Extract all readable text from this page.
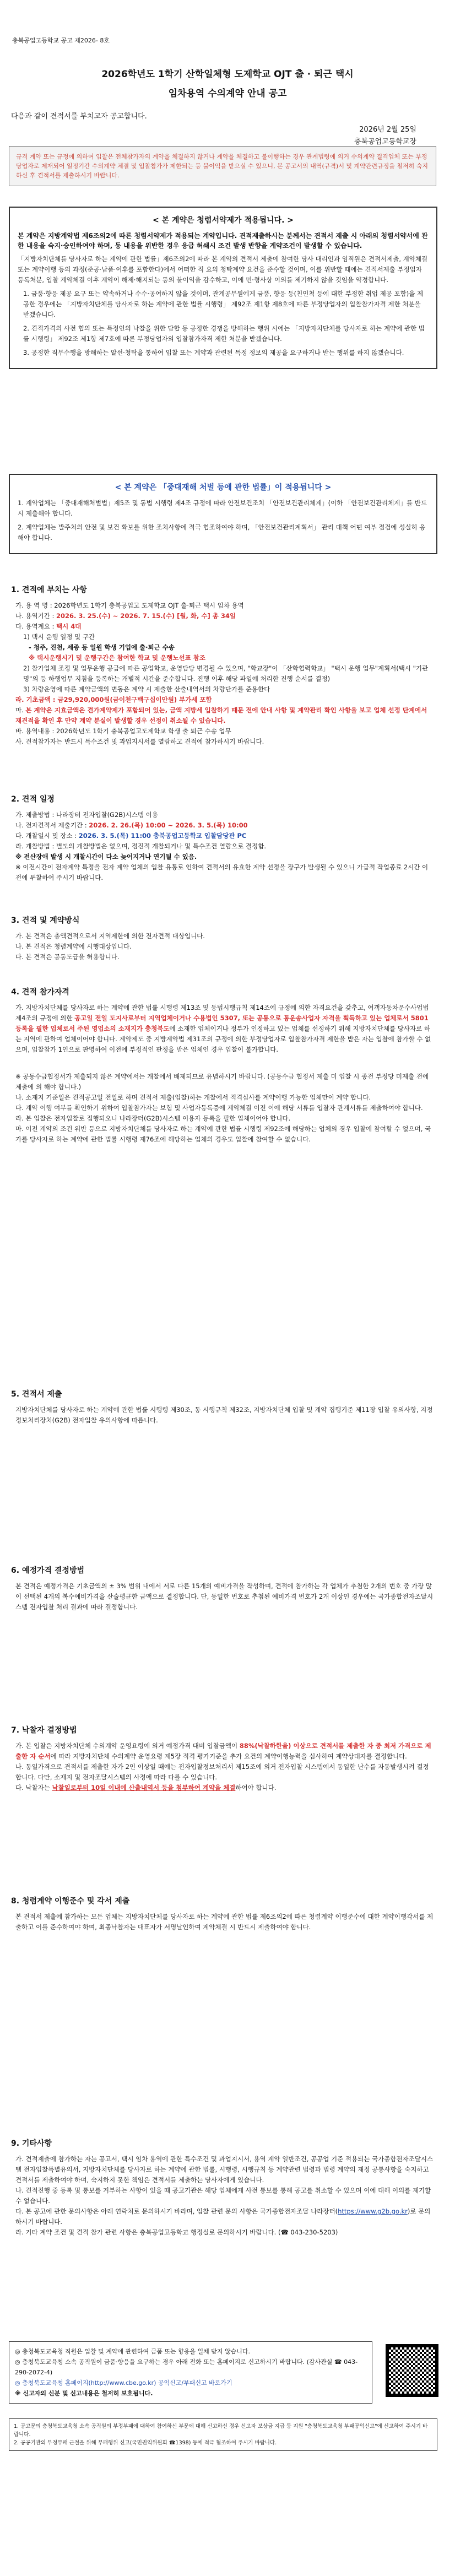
충북공업고등학교 공고 제2026- 8호
2026학년도 1학기 산학일체형 도제학교 OJT 출 · 퇴근 택시
임차용역 수의계약 안내 공고
다음과 같이 견적서를 부치고자 공고합니다.
2026년 2월 25일
충북공업고등학교장
규격 계약 또는 규정에 의하여 입찰은 전체참가자의 계약을 체결하지 않거나 계약을 체결하고 불이행하는 경우 관계법령에 의거 수의계약 결격업체 또는 부정당업자로 제재되어 일정기간 수의계약 체결 및 입찰참가가 제한되는 등 불이익을 받으실 수 있으니, 본 공고서의 내역(규격)서 및 계약관련규정을 철저히 숙지하신 후 견적서를 제출하시기 바랍니다.
< 본 계약은 청렴서약제가 적용됩니다. >
본 계약은 지방계약법 제6조의2에 따른 청렴서약제가 적용되는 계약입니다. 견적제출하시는 분께서는 견적서 제출 시 아래의 청렴서약서에 관한 내용을 숙지·승인하여야 하며, 동 내용을 위반한 경우 응급 허쇄시 조건 발생 반향을 게약조건이 발생할 수 있습니다.
「지방자치단체를 당사자로 하는 계약에 관한 법률」제6조의2에 따라 본 계약의 견적서 제출에 참여한 당사 대리인과 임직원은 견적서제출, 계약체결 또는 계약이행 등의 과정(준공·납품·이후를 포함한다)에서 어떠한 직 요의 청탁계약 요건을 준수할 것이며, 이를 위반할 때에는 견적서제출 부정업자 등록처분, 입찰 계약체결 이후 계약이 해제·해지되는 등의 불이익을 감수하고, 이에 민·형사상 이의를 제기하지 않을 것임을 약정합니다.
1. 금품·향응 제공 요구 또는 약속하거나 수수·공여하지 않을 것이며, 관계공무원에게 금품, 향응 등(친인척 등에 대한 부정한 취업 제공 포함)을 제공한 경우에는 「지방자치단체를 당사자로 하는 계약에 관한 법률 시행령」 제92조 제1항 제8호에 따른 부정당업자의 입찰참가자격 제한 처분을 받겠습니다.
2. 견적가격의 사전 협의 또는 특정인의 낙찰을 위한 담합 등 공정한 경쟁을 방해하는 행위 시에는 「지방자치단체를 당사자로 하는 계약에 관한 법률 시행령」 제92조 제1항 제7호에 따른 부정당업자의 입찰참가자격 제한 처분을 받겠습니다.
3. 공정한 직무수행을 방해하는 알선·청탁을 통하여 입찰 또는 계약과 관련된 특정 정보의 제공을 요구하거나 받는 행위를 하지 않겠습니다.
< 본 계약은 「중대재해 처벌 등에 관한 법률」이 적용됩니다 >
1. 계약업체는 「중대재해처벌법」제5조 및 동법 시행령 제4조 규정에 따라 안전보건조치 「안전보건관리체계」(이하 「안전보건관리체계」를 반드시 제출해야 합니다.
2. 계약업체는 발주처의 안전 및 보건 확보를 위한 조치사항에 적극 협조하여야 하며, 「안전보건관리계획서」 관리 대책 어떤 여부 점검에 성실히 응해야 합니다.
1. 견적에 부치는 사항
가. 용 역 명 : 2026학년도 1학기 충북공업고 도제학교 OJT 출·퇴근 택시 임차 용역
나. 용역기간 : 2026. 3. 25.(수) ~ 2026. 7. 15.(수) [월, 화, 수] 총 34일
다. 용역계요 : 택시 4대
1) 택시 운행 일정 및 구간
- 청주, 진천, 세종 등 일원 학생 기업에 출·퇴근 수송
※ 택시운행시기 및 운행구간은 참여한 학교 및 운행노선표 참조
2) 참가업체 조정 및 업무운행 공급에 따른 공업학교, 운영담당 변경될 수 있으며, "학교장"이 「산학협력학교」 "택시 운행 업무"계획서(택시 "기관명"의 등 하행업무 지침을 등록하는 개별적 시간을 준수합니다. 진행 이후 해당 파일에 처리한 진행 순서를 결정)
3) 차량운영에 따른 계약금액의 변동은 계약 시 제출한 산출내역서의 차량단가를 준용한다
라. 기초금액 : 금29,920,000원(금이천구백구십이만원) 부가세 포함
마. 본 계약은 지효금액은 견가계약제가 포함되어 있는, 금액 지방세 입찰하기 때문 전에 안내 사항 및 계약관리 확인 사항을 보고 업체 선정 단계에서 재견적을 확인 후 만약 계약 분실이 발생할 경우 선정이 취소될 수 있습니다.
바. 용역내용 : 2026학년도 1학기 충북공업고도제학교 학생 출 퇴근 수송 업무
사. 견적참가자는 반드시 특수조건 및 과업지시서를 열람하고 견적에 참가하시기 바랍니다.
2. 견적 일정
가. 제출방법 : 나라장터 전자입찰(G2B)시스템 이용
나. 전자견적서 제출기간 : 2026. 2. 26.(목) 10:00 ~ 2026. 3. 5.(목) 10:00
다. 개찰일시 및 장소 : 2026. 3. 5.(목) 11:00 충북공업고등학교 입찰담당관 PC
라. 개찰방법 : 별도의 개찰방법은 없으며, 점진적 개찰되거나 및 특수조건 열람으로 결정함.
※ 전산장애 발생 시 개찰시간이 다소 늦어지거나 연기될 수 있음.
※ 이전시간이 전자계약 특정을 전자 계약 업체의 입찰 유통로 인하여 견적서의 유효한 계약 선정을 장구가 발생될 수 있으니 가급적 작업종료 2시간 이전에 투찰하여 주시기 바랍니다.
3. 견적 및 계약방식
가. 본 견적은 총액견적으로서 지역제한에 의한 전자견적 대상입니다.
나. 본 견적은 청렴계약에 시행대상입니다.
다. 본 견적은 공동도급을 허용합니다.
4. 견적 참가자격
가. 지방자치단체를 당사자로 하는 계약에 관한 법률 시행령 제13조 및 동법시행규칙 제14조에 규정에 의한 자격요건을 갖추고, 여객자동차운수사업법 제4조의 규정에 의한 공고일 전일 도지사로부터 지역업체이거나 수용법인 5307, 또는 공통으로 통운송사업자 자격을 획득하고 있는 업체로서 5801 등록을 필한 업체로서 주된 영업소의 소재지가 충청북도에 소재한 업체이거나 정부가 인정하고 있는 업체를 선정하기 위해 지방자치단체를 당사자로 하는 지역에 관하여 업체이어야 합니다. 계약제도 중 지방계약법 제31조의 규정에 의한 부정당업자로 입찰참가자격 제한을 받은 자는 입찰에 참가할 수 없으며, 입찰참가 1인으로 판명하여 이전에 부정적인 판정을 받은 업체인 경우 입찰이 불가합니다.
※ 공동수급협정서가 제출되지 않은 계약에서는 개찰에서 배제되므로 유념하시기 바랍니다. (공동수급 협정서 제출 미 입찰 시 종전 부정당 미제출 전에 제출에 의 해야 합니다.)
나. 소재지 기준일은 견적공고일 전일로 하며 견적서 제출(입찰)하는 개찰에서 적격심사를 계약이행 가능한 업체만이 계약 합니다.
다. 계약 이행 여부를 확인하기 위하여 입찰참가자는 보험 및 사업자등록증에 계약체결 이전 이에 해당 서류를 입찰자 관계서류를 제출하여야 합니다.
라. 본 입찰은 전자입찰로 집행되오니 나라장터(G2B)시스템 이용자 등록을 필한 업체이어야 합니다.
마. 이전 계약의 조건 위반 등으로 지방자치단체를 당사자로 하는 계약에 관한 법률 시행령 제92조에 해당하는 업체의 경우 입찰에 참여할 수 없으며, 국가를 당사자로 하는 계약에 관한 법률 시행령 제76조에 해당하는 업체의 경우도 입찰에 참여할 수 없습니다.
5. 견적서 제출
지방자치단체를 당사자로 하는 계약에 관한 법률 시행령 제30조, 동 시행규칙 제32조, 지방자치단체 입찰 및 계약 집행기준 제11장 입찰 유의사항, 지정정보처리장치(G2B) 전자입찰 유의사항에 따릅니다.
6. 예정가격 결정방법
본 견적은 예정가격은 기초금액의 ± 3% 범위 내에서 서로 다른 15개의 예비가격을 작성하며, 견적에 참가하는 각 업체가 추첨한 2개의 번호 중 가장 많이 선택된 4개의 복수예비가격을 산술평균한 금액으로 결정합니다. 단, 동일한 번호로 추첨된 예비가격 번호가 2개 이상인 경우에는 국가종합전자조달시스템 전자입찰 처리 결과에 따라 결정함니다.
7. 낙찰자 결정방법
가. 본 입찰은 지방자치단체 수의계약 운영요령에 의거 예정가격 대비 입찰금액이 88%(낙찰하한율) 이상으로 견적서를 제출한 자 중 최저 가격으로 제출한 자 순서에 따라 지방자치단체 수의계약 운영요령 제5장 적격 평가기준을 추가 요건의 계약이행능력을 심사하여 계약상대자를 결정합니다.
나. 동일가격으로 견적서를 제출한 자가 2인 이상일 때에는 전자입찰정보처리서 제15조에 의거 전자입찰 시스템에서 동일한 난수를 자동발생시켜 결정합니다. 다만, 소재지 및 전자조달시스템의 사정에 따라 다를 수 있습니다.
다. 낙찰자는 낙찰일로부터 10일 이내에 산출내역서 등을 첨부하여 계약을 체결하여야 합니다.
8. 청렴계약 이행준수 및 각서 제출
본 견적서 제출에 참가하는 모든 업체는 지방자치단체를 당사자로 하는 계약에 관한 법률 제6조의2에 따른 청렴계약 이행준수에 대한 계약이행각서를 제출하고 이를 준수하여야 하며, 최종낙찰자는 대표자가 서명날인하여 계약체결 시 반드시 제출하여야 합니다.
9. 기타사항
가. 견적제출에 참가하는 자는 공고서, 택시 임차 용역에 관한 특수조건 및 과업지시서, 용역 계약 일반조건, 공공업 기준 적용되는 국가종합전자조달시스템 전자입찰특별유의서, 지방자치단체를 당사자로 하는 계약에 관한 법률, 시행령, 시행규칙 등 계약관련 법령과 법령 계약의 재정 공통사항을 숙지하고 견적서를 제출하여야 하며, 숙지하지 못한 책임은 견적서를 제출하는 당사자에게 있습니다.
나. 견적진행 중 등록 및 통보를 거부하는 사항이 있을 때 공고기관은 해당 업체에게 사전 통보를 통해 공고를 취소할 수 있으며 이에 대해 이의를 제기할 수 없습니다.
다. 본 공고에 관한 문의사항은 아래 연락처로 문의하시기 바라며, 입찰 관련 문의 사항은 국가종합전자조달 나라장터(https://www.g2b.go.kr)로 문의하시기 바랍니다.
라. 기타 계약 조건 및 견적 참가 관련 사항은 충북공업고등학교 행정실로 문의하시기 바랍니다. (☎ 043-230-5203)
◎ 충청북도교육청 직원은 입찰 및 계약에 관련하여 금품 또는 향응을 일체 받지 않습니다.
◎ 충청북도교육청 소속 공직원이 금품·향응을 요구하는 경우 아래 전화 또는 홈페이지로 신고하시기 바랍니다. (감사관실 ☎ 043-290-2072-4)
◎ 충청북도교육청 홈페이지(http://www.cbe.go.kr) 공익신고/부패신고 바로가기
※ 신고자의 신분 및 신고내용은 철저히 보호됩니다.
1. 공고문의 충청북도교육청 소속 공직원의 부정부패에 대하여 참여하신 부문에 대해 신고하신 경우 신고자 보상금 지급 등 지원 "충청북도교육청 부패공익신고"에 신고하여 주시기 바랍니다.
2. 공공기관의 부정부패 근절을 위해 부패행위 신고(국민권익위원회 ☎1398) 등에 적극 협조하여 주시기 바랍니다.
